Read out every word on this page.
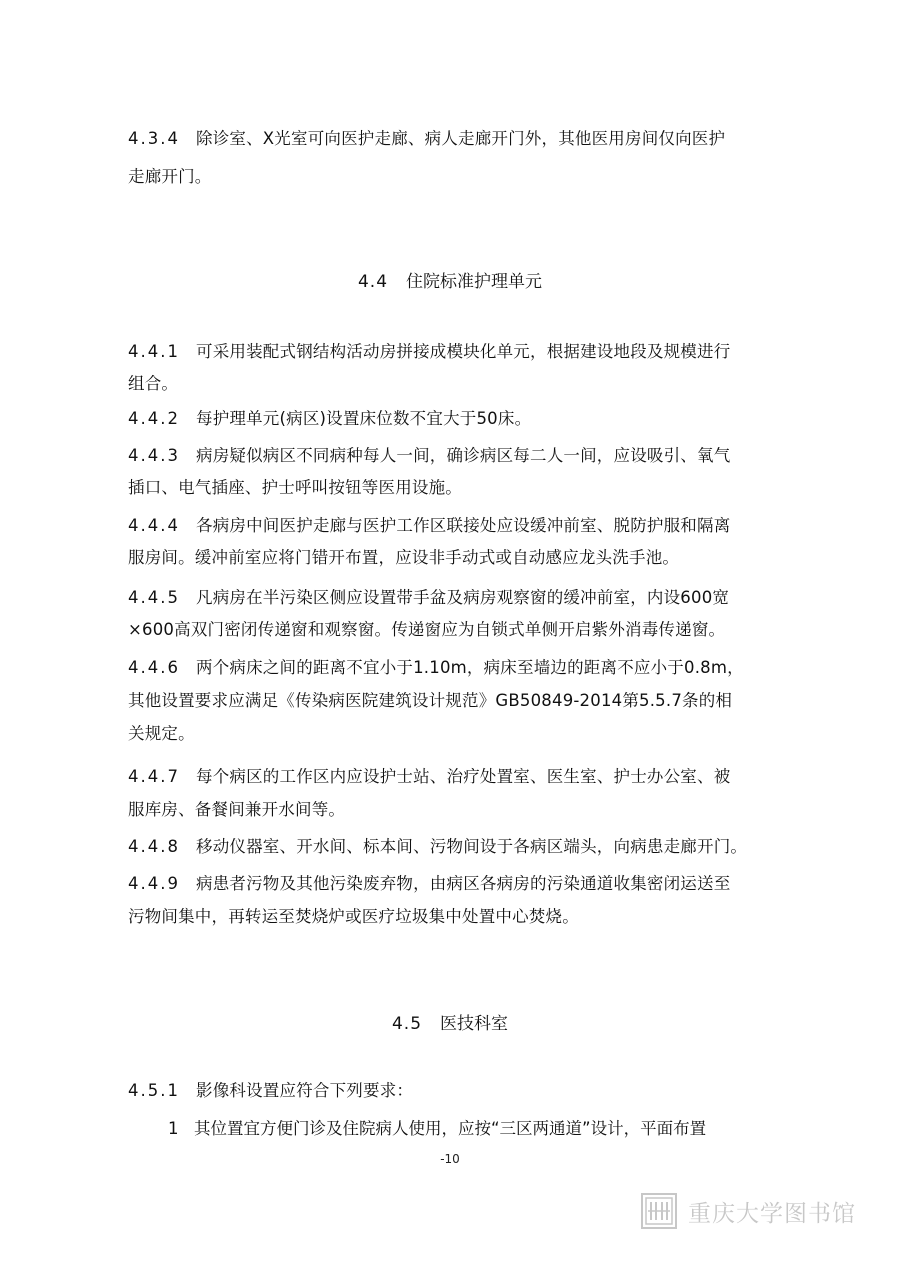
4.3.4 除诊室、X光室可向医护走廊、病人走廊开门外，其他医用房间仅向医护
走廊开门。
4.4 住院标准护理单元
4.4.1 可采用装配式钢结构活动房拼接成模块化单元，根据建设地段及规模进行
组合。
4.4.2 每护理单元(病区)设置床位数不宜大于50床。
4.4.3 病房疑似病区不同病种每人一间，确诊病区每二人一间，应设吸引、氧气
插口、电气插座、护士呼叫按钮等医用设施。
4.4.4 各病房中间医护走廊与医护工作区联接处应设缓冲前室、脱防护服和隔离
服房间。缓冲前室应将门错开布置，应设非手动式或自动感应龙头洗手池。
4.4.5 凡病房在半污染区侧应设置带手盆及病房观察窗的缓冲前室，内设600宽
×600高双门密闭传递窗和观察窗。传递窗应为自锁式单侧开启紫外消毒传递窗。
4.4.6 两个病床之间的距离不宜小于1.10m，病床至墙边的距离不应小于0.8m，
其他设置要求应满足《传染病医院建筑设计规范》GB50849-2014第5.5.7条的相
关规定。
4.4.7 每个病区的工作区内应设护士站、治疗处置室、医生室、护士办公室、被
服库房、备餐间兼开水间等。
4.4.8 移动仪器室、开水间、标本间、污物间设于各病区端头，向病患走廊开门。
4.4.9 病患者污物及其他污染废弃物，由病区各病房的污染通道收集密闭运送至
污物间集中，再转运至焚烧炉或医疗垃圾集中处置中心焚烧。
4.5 医技科室
4.5.1 影像科设置应符合下列要求：
1 其位置宜方便门诊及住院病人使用，应按“三区两通道”设计，平面布置
-10
重庆大学图书馆
